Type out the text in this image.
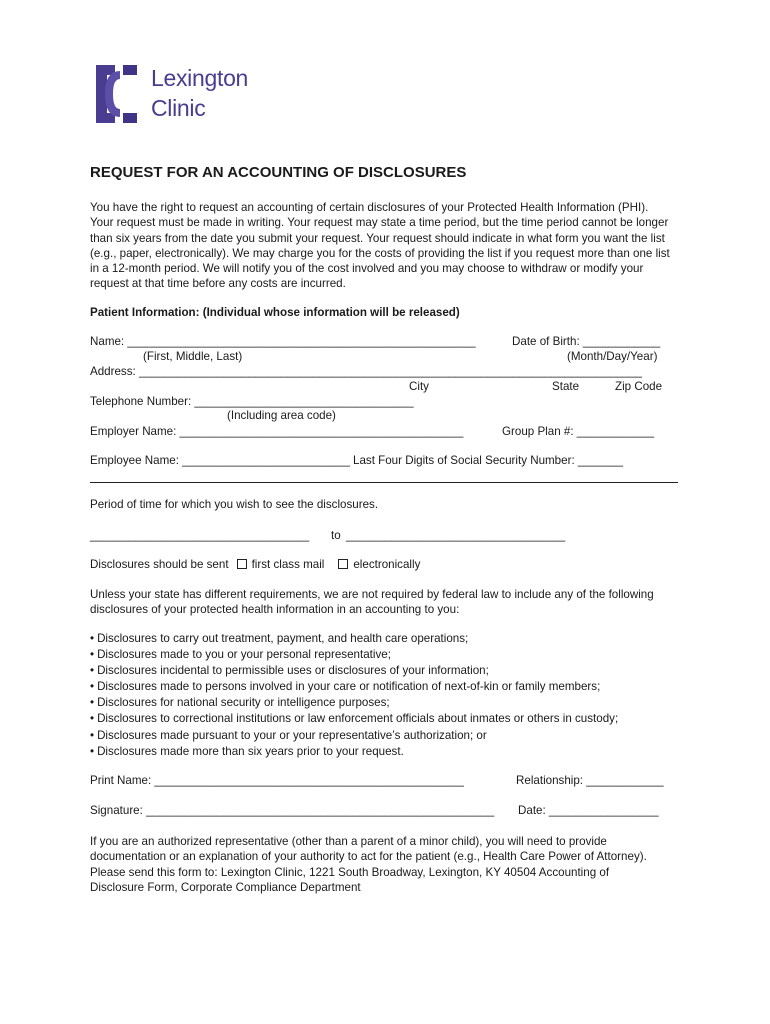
Lexington
Clinic
REQUEST FOR AN ACCOUNTING OF DISCLOSURES
You have the right to request an accounting of certain disclosures of your Protected Health Information (PHI). Your request must be made in writing. Your request may state a time period, but the time period cannot be longer than six years from the date you submit your request. Your request should indicate in what form you want the list (e.g., paper, electronically). We may charge you for the costs of providing the list if you request more than one list in a 12-month period. We will notify you of the cost involved and you may choose to withdraw or modify your request at that time before any costs are incurred.
Patient Information: (Individual whose information will be released)
Name: ______________________________________________________	Date of Birth: ____________
(First, Middle, Last)	(Month/Day/Year)
Address: ______________________________________________________________________________
City	State	Zip Code
Telephone Number: __________________________________
(Including area code)
Employer Name: ____________________________________________	Group Plan #: ____________
Employee Name: __________________________ Last Four Digits of Social Security Number: _______
Period of time for which you wish to see the disclosures.
__________________________________ to __________________________________
Disclosures should be sent first class mail	electronically
Unless your state has different requirements, we are not required by federal law to include any of the following disclosures of your protected health information in an accounting to you:
• Disclosures to carry out treatment, payment, and health care operations;
• Disclosures made to you or your personal representative;
• Disclosures incidental to permissible uses or disclosures of your information;
• Disclosures made to persons involved in your care or notification of next-of-kin or family members;
• Disclosures for national security or intelligence purposes;
• Disclosures to correctional institutions or law enforcement officials about inmates or others in custody;
• Disclosures made pursuant to your or your representative’s authorization; or
• Disclosures made more than six years prior to your request.
Print Name: ________________________________________________	Relationship: ____________
Signature: ______________________________________________________ Date: _________________
If you are an authorized representative (other than a parent of a minor child), you will need to provide documentation or an explanation of your authority to act for the patient (e.g., Health Care Power of Attorney). Please send this form to: Lexington Clinic, 1221 South Broadway, Lexington, KY 40504 Accounting of Disclosure Form, Corporate Compliance Department
